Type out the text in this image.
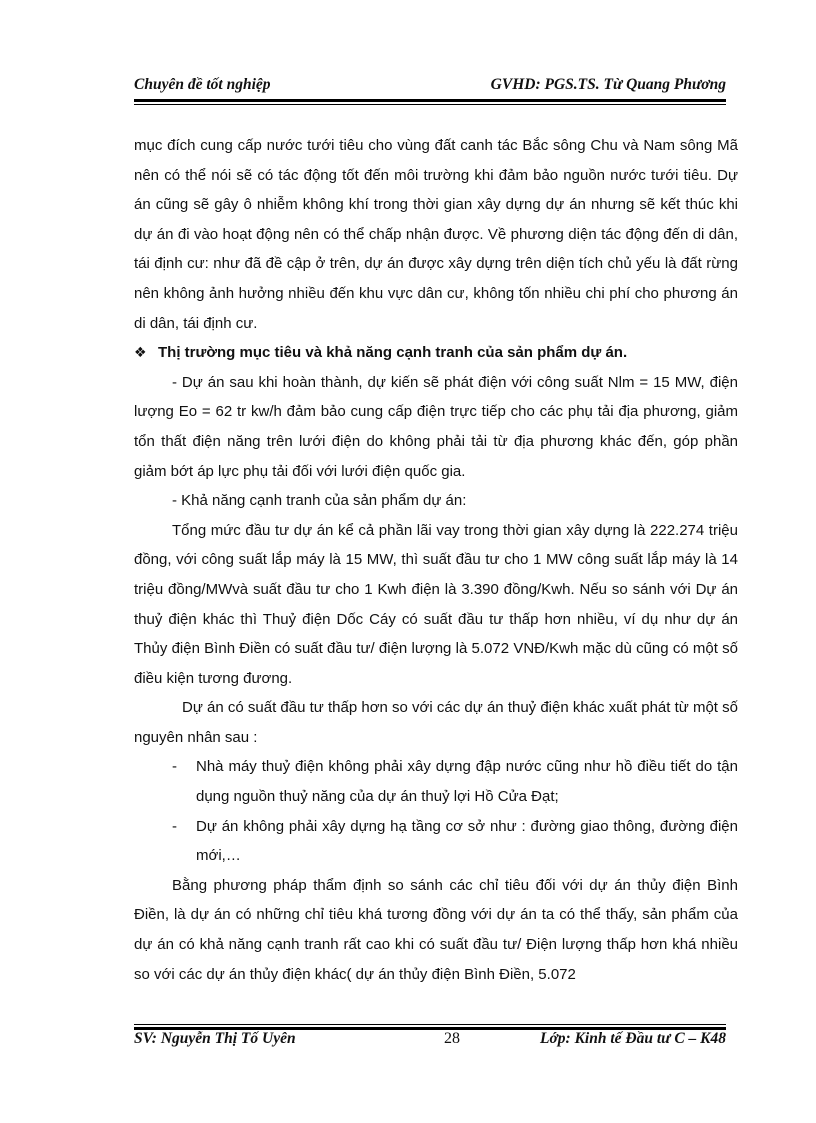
Chuyên đề tốt nghiệp	GVHD: PGS.TS. Từ Quang Phương

mục đích cung cấp nước tưới tiêu cho vùng đất canh tác Bắc sông Chu và Nam sông Mã nên có thể nói sẽ có tác động tốt đến môi trường khi đảm bảo nguồn nước tưới tiêu. Dự án cũng sẽ gây ô nhiễm không khí trong thời gian xây dựng dự án nhưng sẽ kết thúc khi dự án đi vào hoạt động nên có thể chấp nhận được. Về phương diện tác động đến di dân, tái định cư: như đã đề cập ở trên, dự án được xây dựng trên diện tích chủ yếu là đất rừng nên không ảnh hưởng nhiều đến khu vực dân cư, không tốn nhiều chi phí cho phương án di dân, tái định cư.

❖ Thị trường mục tiêu và khả năng cạnh tranh của sản phẩm dự án.

- Dự án sau khi hoàn thành, dự kiến sẽ phát điện với công suất Nlm = 15 MW, điện lượng Eo = 62 tr kw/h đảm bảo cung cấp điện trực tiếp cho các phụ tải địa phương, giảm tổn thất điện năng trên lưới điện do không phải tải từ địa phương khác đến, góp phần giảm bớt áp lực phụ tải đối với lưới điện quốc gia.

- Khả năng cạnh tranh của sản phẩm dự án:

Tổng mức đầu tư dự án kể cả phần lãi vay trong thời gian xây dựng là 222.274 triệu đồng, với công suất lắp máy là 15 MW, thì suất đầu tư cho 1 MW công suất lắp máy là 14 triệu đồng/MWvà suất đầu tư cho 1 Kwh điện là 3.390 đồng/Kwh. Nếu so sánh với Dự án thuỷ điện khác thì Thuỷ điện Dốc Cáy có suất đầu tư thấp hơn nhiều, ví dụ như dự án Thủy điện Bình Điền có suất đầu tư/ điện lượng là 5.072 VNĐ/Kwh mặc dù cũng có một số điều kiện tương đương.

Dự án có suất đầu tư thấp hơn so với các dự án thuỷ điện khác xuất phát từ một số nguyên nhân sau :

- Nhà máy thuỷ điện không phải xây dựng đập nước cũng như hồ điều tiết do tận dụng nguồn thuỷ năng của dự án thuỷ lợi Hồ Cửa Đạt;

- Dự án không phải xây dựng hạ tầng cơ sở như : đường giao thông, đường điện mới,…

Bằng phương pháp thẩm định so sánh các chỉ tiêu đối với dự án thủy điện Bình Điền, là dự án có những chỉ tiêu khá tương đồng với dự án ta có thể thấy, sản phẩm của dự án có khả năng cạnh tranh rất cao khi có suất đầu tư/ Điện lượng thấp hơn khá nhiều so với các dự án thủy điện khác( dự án thủy điện Bình Điền, 5.072

SV: Nguyễn Thị Tố Uyên	28	Lớp: Kinh tế Đầu tư C – K48
